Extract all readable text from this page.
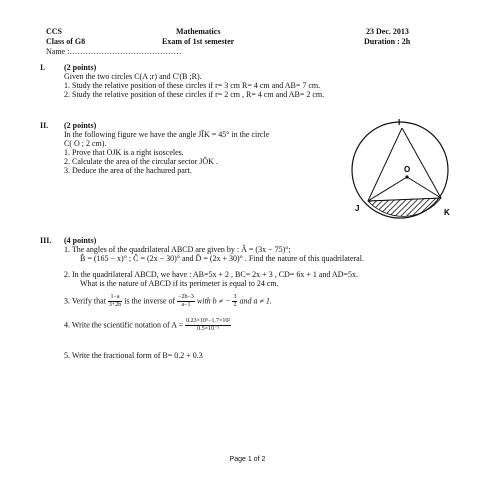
CCS
Class of G8
Name :……………………………………
Mathematics
Exam of 1st semester
23 Dec. 2013
Duration : 2h
I. (2 points)
Given the two circles C(A ;r) and C'(B ;R).
1. Study the relative position of these circles if r= 3 cm R= 4 cm and AB= 7 cm.
2. Study the relative position of these circles if r= 2 cm , R= 4 cm and AB= 2 cm.
II. (2 points)
In the following figure we have the angle JÎK = 45° in the circle
C( O ; 2 cm).
1. Prove that OJK is a right isosceles.
2. Calculate the area of the circular sector JÔK .
3. Deduce the area of the hachured part.
I
O
J	K
III. (4 points)
1. The angles of the quadrilateral ABCD are given by : Â = (3x − 75)°;
B̂ = (165 − x)° ; Ĉ = (2x − 30)° and D̂ = (2x + 30)° . Find the nature of this quadrilateral.
2. In the quadrilateral ABCD, we have : AB=5x + 2 , BC= 2x + 3 , CD= 6x + 1 and AD=5x.
What is the nature of ABCD if its perimeter is equal to 24 cm.
3. Verify that $\frac{1-a}{3+2b}$ is the inverse of $\frac{-2b-3}{a-1}$ with b ≠ − $\frac{3}{2}$ and a ≠ 1.
4. Write the scientific notation of $A = \frac{\text{0.23×10⁵−1.7×10²}}{\text{0.5×10⁻¹}}$
5. Write the fractional form of B= 0.2 + 0.3
Page 1 of 2
